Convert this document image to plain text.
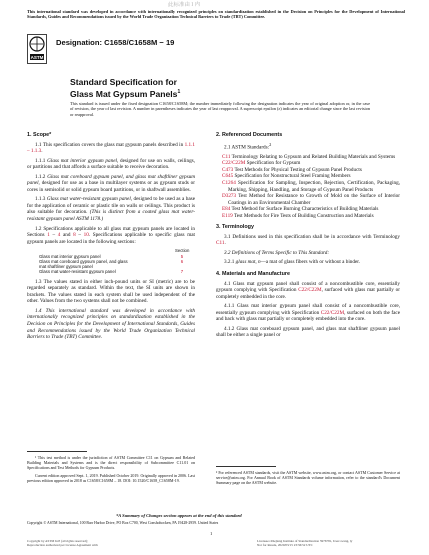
此标准由 I 内
This international standard was developed in accordance with internationally recognized principles on standardization established in the Decision on Principles for the Development of International Standards, Guides and Recommendations issued by the World Trade Organization Technical Barriers to Trade (TBT) Committee.
ASTM
Designation: C1658/C1658M − 19
Standard Specification for
Glass Mat Gypsum Panels$^1$
This standard is issued under the fixed designation C1658/C1658M; the number immediately following the designation indicates the year of original adoption or, in the case of revision, the year of last revision. A number in parentheses indicates the year of last reapproval. A superscript epsilon (ε) indicates an editorial change since the last revision or reapproval.
1. Scope*
1.1 This specification covers the glass mat gypsum panels described in 1.1.1 – 1.1.3.
1.1.1 Glass mat interior gypsum panel, designed for use on walls, ceilings, or partitions and that affords a surface suitable to receive decoration.
1.1.2 Glass mat coreboard gypsum panel, and glass mat shaftliner gypsum panel, designed for use as a base in multilayer systems or as gypsum studs or cores in semisolid or solid gypsum board partitions, or in shaftwall assemblies.
1.1.3 Glass mat water-resistant gypsum panel, designed to be used as a base for the application of ceramic or plastic tile on walls or ceilings. This product is also suitable for decoration. (This is distinct from a coated glass mat water-resistant gypsum panel ASTM 1178.)
1.2 Specifications applicable to all glass mat gypsum panels are located in Sections 1 – 4 and 8 – 10. Specifications applicable to specific glass mat gypsum panels are located in the following sections:
Section
Glass mat interior gypsum panel	5
Glass mat coreboard gypsum panel, and glass	6
mat shaftliner gypsum panel
Glass mat water-resistant gypsum panel	7
1.3 The values stated in either inch-pound units or SI (metric) are to be regarded separately as standard. Within the text, the SI units are shown in brackets. The values stated in each system shall be used independent of the other. Values from the two systems shall not be combined.
1.4 This international standard was developed in accordance with internationally recognized principles on standardization established in the Decision on Principles for the Development of International Standards, Guides and Recommendations issued by the World Trade Organization Technical Barriers to Trade (TBT) Committee.
¹ This test method is under the jurisdiction of ASTM Committee C11 on Gypsum and Related Building Materials and Systems and is the direct responsibility of Subcommittee C11.01 on Specifications and Test Methods for Gypsum Products.
Current edition approved Sept. 1, 2019. Published October 2019. Originally approved in 2006. Last previous edition approved in 2018 as C1658/C1658M – 18. DOI: 10.1520/C1658_C1658M-19.
2. Referenced Documents
2.1 ASTM Standards:$^2$
C11 Terminology Relating to Gypsum and Related Building Materials and Systems
C22/C22M Specification for Gypsum
C473 Test Methods for Physical Testing of Gypsum Panel Products
C645 Specification for Nonstructural Steel Framing Members
C1264 Specification for Sampling, Inspection, Rejection, Certification, Packaging, Marking, Shipping, Handling, and Storage of Gypsum Panel Products
D3273 Test Method for Resistance to Growth of Mold on the Surface of Interior Coatings in an Environmental Chamber
E84 Test Method for Surface Burning Characteristics of Building Materials
E119 Test Methods for Fire Tests of Building Construction and Materials
3. Terminology
3.1 Definitions used in this specification shall be in accordance with Terminology C11.
3.2 Definitions of Terms Specific to This Standard:
3.2.1 glass mat, n—a mat of glass fibers with or without a binder.
4. Materials and Manufacture
4.1 Glass mat gypsum panel shall consist of a noncombustible core, essentially gypsum complying with Specification C22/C22M, surfaced with glass mat partially or completely embedded in the core.
4.1.1 Glass mat interior gypsum panel shall consist of a noncombustible core, essentially gypsum complying with Specification C22/C22M, surfaced on both the face and back with glass mat partially or completely embedded into the core.
4.1.2 Glass mat coreboard gypsum panel, and glass mat shaftliner gypsum panel shall be either a single panel or
² For referenced ASTM standards, visit the ASTM website, www.astm.org, or contact ASTM Customer Service at service@astm.org. For Annual Book of ASTM Standards volume information, refer to the standard's Document Summary page on the ASTM website.
*A Summary of Changes section appears at the end of this standard
Copyright © ASTM International, 100 Barr Harbor Drive, PO Box C700, West Conshohocken, PA 19428-2959. United States
1
Copyright by ASTM Int'l (all rights reserved);
Reproduction authorized per License Agreement with
Licensee=Zhejiang Institute of Standardization 5976781, User=wang, ly
Not for Resale, 2020/03/15 23:36:52 UTC
